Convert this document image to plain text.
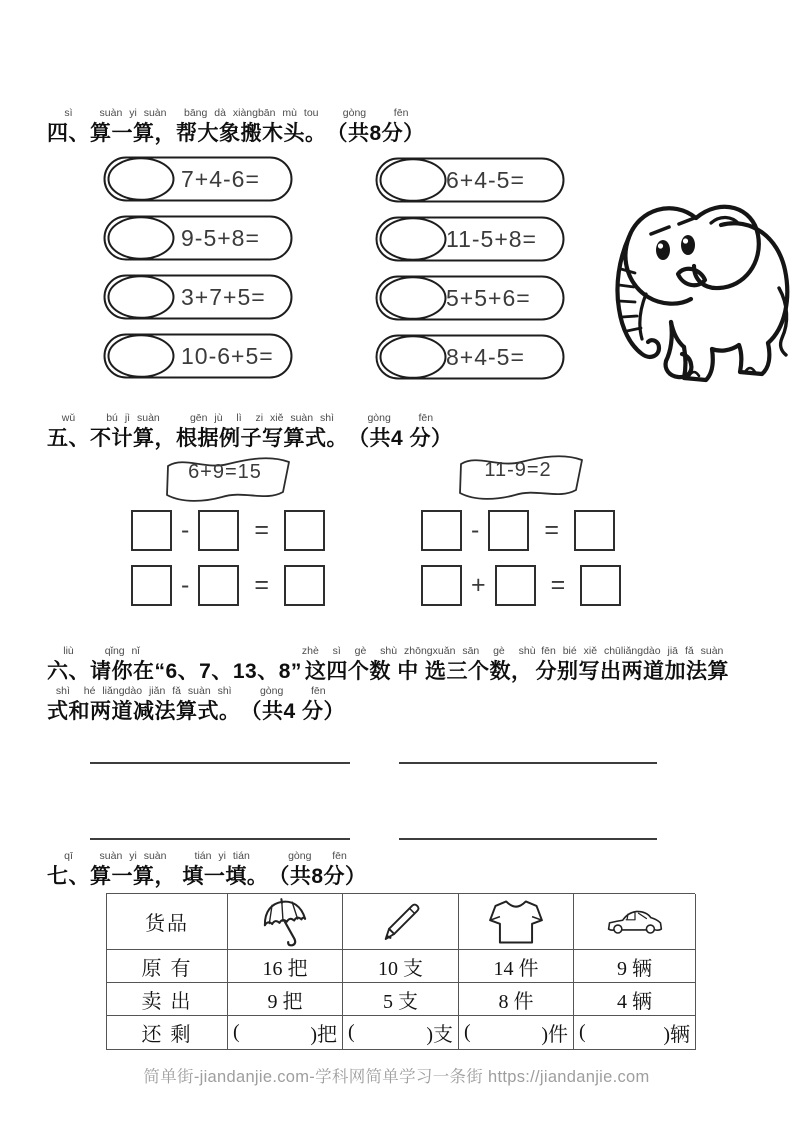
sì
四、
suàn yi suàn
算一算，
bāng dà xiàngbān mù tou
帮大象搬木头。
gòng    fēn
（共8分）
7+4-6=
9-5+8=
3+7+5=
10-6+5=
6+4-5=
11-5+8=
5+5+6=
8+4-5=
wǔ
五、
bú jì suàn
不计算，
gēn jù  lì  zi xiě suàn shì
根据例子写算式。
gòng    fēn
（共4 分）
6+9=15	11-9=2
-	=
-	=
-	=
+	=
liù
六、
qǐng nǐ
请你在 “6、7、13、8”
zhè  sì  gè  shù zhōngxuǎn sān  gè  shù
这四个数 中 选三个数，
fēn bié xiě chūliǎngdào jiā fǎ suàn
分别写出两道加法算
shì  hé liǎngdào jiǎn fǎ suàn shì
式和两道减法算式。
gòng    fēn
（共4 分）
qī
七、
suàn yi suàn
算一算，
tián yi tián
填一填。
gòng   fēn
（共8分）
货品
原 有	16 把	10 支	14 件	9 辆
卖 出	9 把	5 支	8 件	4 辆
还 剩	(	)把 (	)支 (	)件 (	)辆
简单街-jiandanjie.com-学科网简单学习一条街 https://jiandanjie.com
